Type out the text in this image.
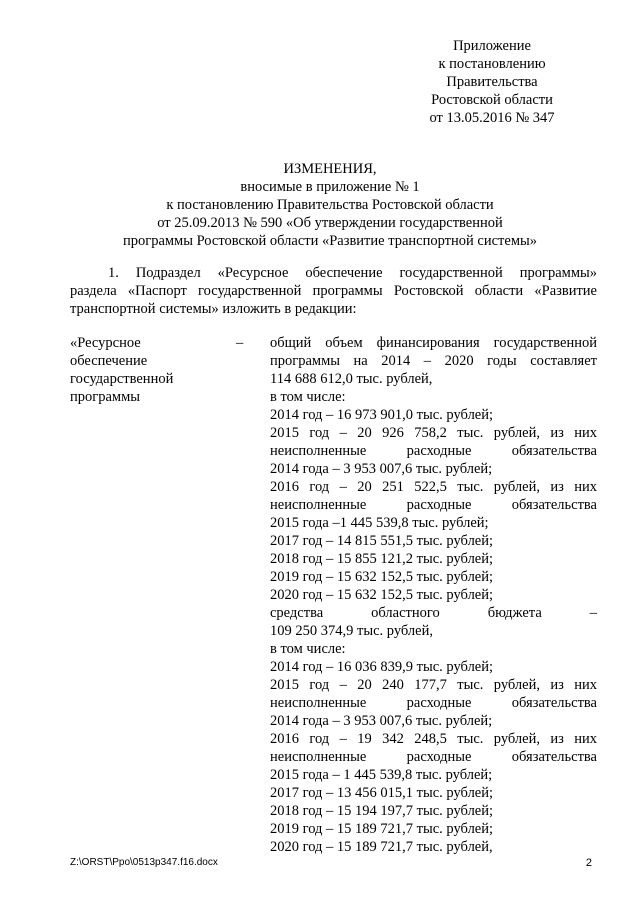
Приложение
к постановлению
Правительства
Ростовской области
от 13.05.2016 № 347
ИЗМЕНЕНИЯ,
вносимые в приложение № 1
к постановлению Правительства Ростовской области
от 25.09.2013 № 590 «Об утверждении государственной
программы Ростовской области «Развитие транспортной системы»
1. Подраздел «Ресурсное обеспечение государственной программы»
раздела «Паспорт государственной программы Ростовской области «Развитие
транспортной системы» изложить в редакции:
«Ресурсное
обеспечение
государственной
программы
– общий объем финансирования государственной
программы на 2014 – 2020 годы составляет
114 688 612,0 тыс. рублей,
в том числе:
2014 год – 16 973 901,0 тыс. рублей;
2015 год – 20 926 758,2 тыс. рублей, из них
неисполненные расходные обязательства
2014 года – 3 953 007,6 тыс. рублей;
2016 год – 20 251 522,5 тыс. рублей, из них
неисполненные расходные обязательства
2015 года –1 445 539,8 тыс. рублей;
2017 год – 14 815 551,5 тыс. рублей;
2018 год – 15 855 121,2 тыс. рублей;
2019 год – 15 632 152,5 тыс. рублей;
2020 год – 15 632 152,5 тыс. рублей;
средства областного бюджета –
109 250 374,9 тыс. рублей,
в том числе:
2014 год – 16 036 839,9 тыс. рублей;
2015 год – 20 240 177,7 тыс. рублей, из них
неисполненные расходные обязательства
2014 года – 3 953 007,6 тыс. рублей;
2016 год – 19 342 248,5 тыс. рублей, из них
неисполненные расходные обязательства
2015 года – 1 445 539,8 тыс. рублей;
2017 год – 13 456 015,1 тыс. рублей;
2018 год – 15 194 197,7 тыс. рублей;
2019 год – 15 189 721,7 тыс. рублей;
2020 год – 15 189 721,7 тыс. рублей,
Z:\ORST\Ppo\0513p347.f16.docx	2
